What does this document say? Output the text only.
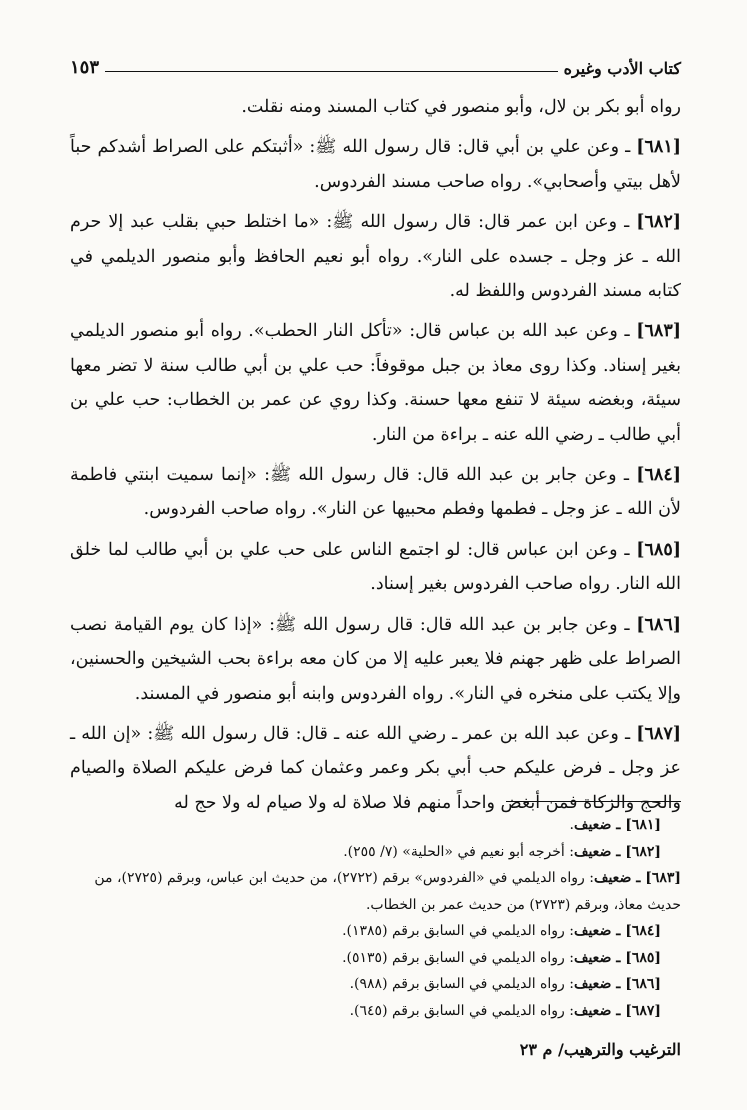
كتاب الأدب وغيره
١٥٣

رواه أبو بكر بن لال، وأبو منصور في كتاب المسند ومنه نقلت.

[٦٨١] ـ وعن علي بن أبي قال: قال رسول الله ﷺ: «أثبتكم على الصراط أشدكم حباً لأهل بيتي وأصحابي». رواه صاحب مسند الفردوس.

[٦٨٢] ـ وعن ابن عمر قال: قال رسول الله ﷺ: «ما اختلط حبي بقلب عبد إلا حرم الله ـ عز وجل ـ جسده على النار». رواه أبو نعيم الحافظ وأبو منصور الديلمي في كتابه مسند الفردوس واللفظ له.

[٦٨٣] ـ وعن عبد الله بن عباس قال: «تأكل النار الحطب». رواه أبو منصور الديلمي بغير إسناد. وكذا روى معاذ بن جبل موقوفاً: حب علي بن أبي طالب سنة لا تضر معها سيئة، وبغضه سيئة لا تنفع معها حسنة. وكذا روي عن عمر بن الخطاب: حب علي بن أبي طالب ـ رضي الله عنه ـ براءة من النار.

[٦٨٤] ـ وعن جابر بن عبد الله قال: قال رسول الله ﷺ: «إنما سميت ابنتي فاطمة لأن الله ـ عز وجل ـ فطمها وفطم محبيها عن النار». رواه صاحب الفردوس.

[٦٨٥] ـ وعن ابن عباس قال: لو اجتمع الناس على حب علي بن أبي طالب لما خلق الله النار. رواه صاحب الفردوس بغير إسناد.

[٦٨٦] ـ وعن جابر بن عبد الله قال: قال رسول الله ﷺ: «إذا كان يوم القيامة نصب الصراط على ظهر جهنم فلا يعبر عليه إلا من كان معه براءة بحب الشيخين والحسنين، وإلا يكتب على منخره في النار». رواه الفردوس وابنه أبو منصور في المسند.

[٦٨٧] ـ وعن عبد الله بن عمر ـ رضي الله عنه ـ قال: قال رسول الله ﷺ: «إن الله ـ عز وجل ـ فرض عليكم حب أبي بكر وعمر وعثمان كما فرض عليكم الصلاة والصيام والحج والزكاة فمن أبغض واحداً منهم فلا صلاة له ولا صيام له ولا حج له

[٦٨١] ـ ضعيف.
[٦٨٢] ـ ضعيف: أخرجه أبو نعيم في «الحلية» (٧/ ٢٥٥).
[٦٨٣] ـ ضعيف: رواه الديلمي في «الفردوس» برقم (٢٧٢٢)، من حديث ابن عباس، وبرقم (٢٧٢٥)، من حديث معاذ، وبرقم (٢٧٢٣) من حديث عمر بن الخطاب.
[٦٨٤] ـ ضعيف: رواه الديلمي في السابق برقم (١٣٨٥).
[٦٨٥] ـ ضعيف: رواه الديلمي في السابق برقم (٥١٣٥).
[٦٨٦] ـ ضعيف: رواه الديلمي في السابق برقم (٩٨٨).
[٦٨٧] ـ ضعيف: رواه الديلمي في السابق برقم (٦٤٥).
الترغيب والترهيب/ م ٢٣
